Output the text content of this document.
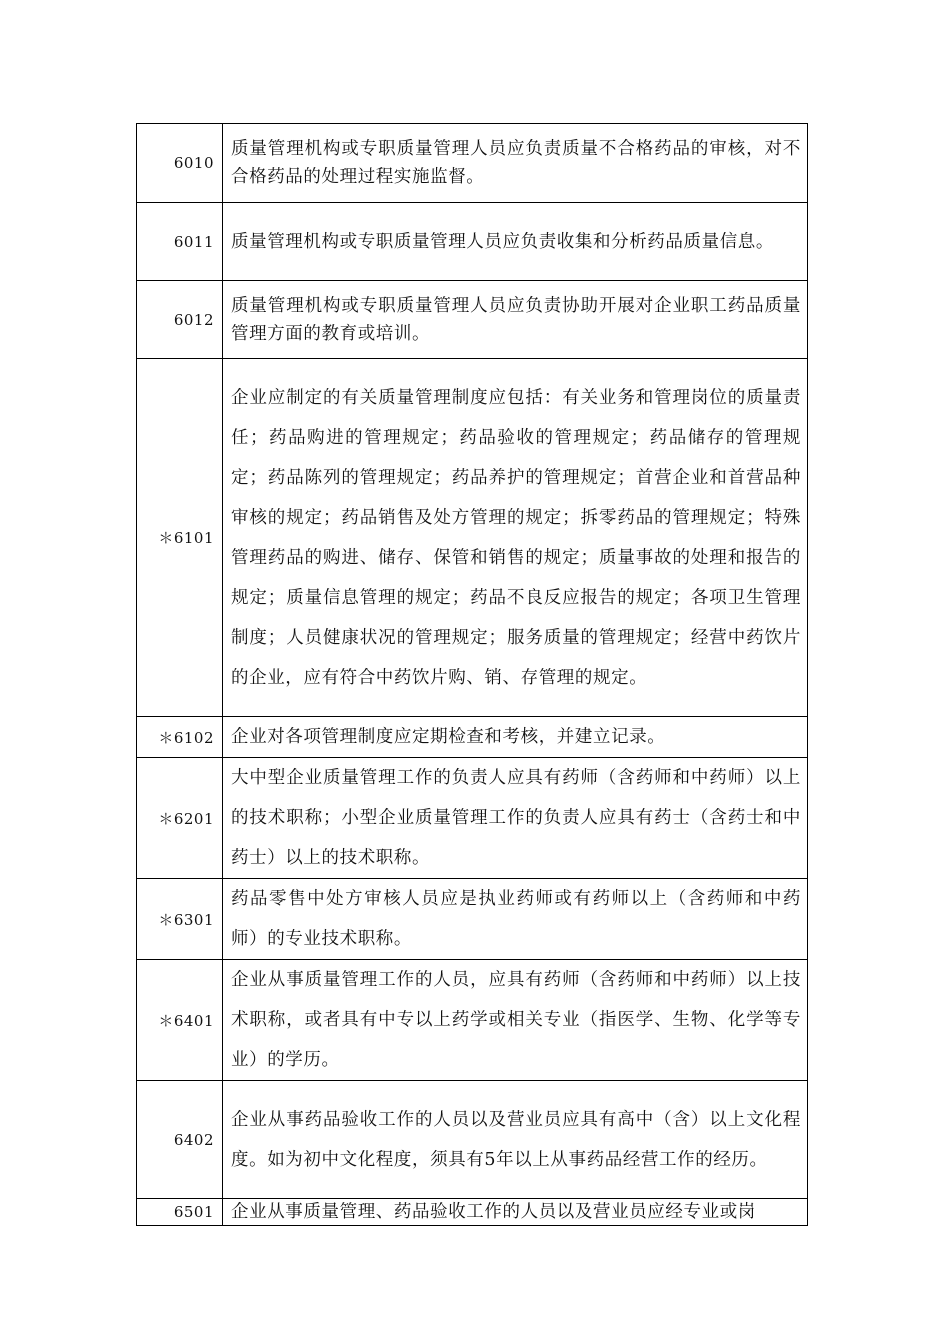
6010	质量管理机构或专职质量管理人员应负责质量不合格药品的审核，对不合格药品的处理过程实施监督。
6011	质量管理机构或专职质量管理人员应负责收集和分析药品质量信息。
6012	质量管理机构或专职质量管理人员应负责协助开展对企业职工药品质量管理方面的教育或培训。
＊6101	企业应制定的有关质量管理制度应包括：有关业务和管理岗位的质量责任；药品购进的管理规定；药品验收的管理规定；药品储存的管理规定；药品陈列的管理规定；药品养护的管理规定；首营企业和首营品种审核的规定；药品销售及处方管理的规定；拆零药品的管理规定；特殊管理药品的购进、储存、保管和销售的规定；质量事故的处理和报告的规定；质量信息管理的规定；药品不良反应报告的规定；各项卫生管理制度；人员健康状况的管理规定；服务质量的管理规定；经营中药饮片的企业，应有符合中药饮片购、销、存管理的规定。
＊6102	企业对各项管理制度应定期检查和考核，并建立记录。
＊6201	大中型企业质量管理工作的负责人应具有药师（含药师和中药师）以上的技术职称；小型企业质量管理工作的负责人应具有药士（含药士和中药士）以上的技术职称。
＊6301	药品零售中处方审核人员应是执业药师或有药师以上（含药师和中药师）的专业技术职称。
＊6401	企业从事质量管理工作的人员，应具有药师（含药师和中药师）以上技术职称，或者具有中专以上药学或相关专业（指医学、生物、化学等专业）的学历。
6402	企业从事药品验收工作的人员以及营业员应具有高中（含）以上文化程度。如为初中文化程度，须具有5年以上从事药品经营工作的经历。
6501	企业从事质量管理、药品验收工作的人员以及营业员应经专业或岗
